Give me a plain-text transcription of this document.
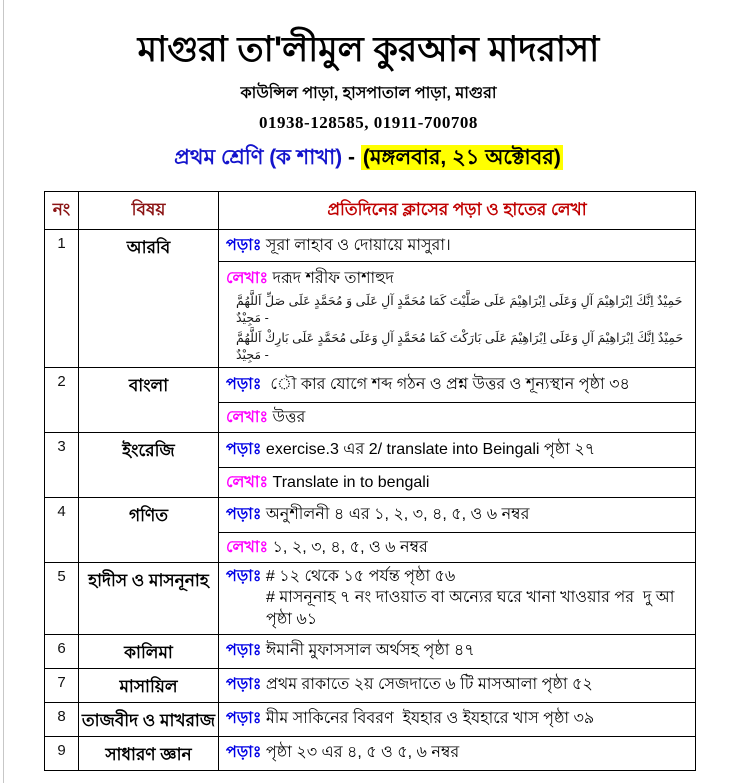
মাগুরা তা'লীমুল কুরআন মাদরাসা
কাউন্সিল পাড়া, হাসপাতাল পাড়া, মাগুরা
01938-128585, 01911-700708
প্রথম শ্রেণি (ক শাখা) - (মঙ্গলবার, ২১ অক্টোবর)
নং	বিষয়	প্রতিদিনের ক্লাসের পড়া ও হাতের লেখা
1	আরবি	পড়াঃ সূরা লাহাব ও দোয়ায়ে মাসুরা।

		লেখাঃ দরূদ শরীফ তাশাহুদ
اَللَّهُمَّ صَلِّ عَلَى مُحَمَّدٍ وَ عَلَى آلِ مُحَمَّدٍ كَمَا صَلَّيْتَ عَلَى اِبْرَاهِيْمَ وَعَلَى آلِ اِبْرَاهِيْمَ اِنَّكَ حَمِيْدٌ مَجِيْدٌ -
اَللَّهُمَّ بَارِكْ عَلَى مُحَمَّدٍ وَعَلَى آلِ مُحَمَّدٍ كَمَا بَارَكْتَ عَلَى اِبْرَاهِيْمَ وَعَلَى آلِ اِبْرَاهِيْمَ اِنَّكَ حَمِيْدٌ مَجِيْدٌ -

2	বাংলা	পড়াঃ  ৌ কার যোগে শব্দ গঠন ও প্রশ্ন উত্তর ও শূন্যস্থান পৃষ্ঠা ৩৪

		লেখাঃ উত্তর

3	ইংরেজি	পড়াঃ exercise.3 এর 2/ translate into Beingali পৃষ্ঠা ২৭

		লেখাঃ Translate in to bengali

4	গণিত	পড়াঃ অনুশীলনী ৪ এর ১, ২, ৩, ৪, ৫, ও ৬ নম্বর

		লেখাঃ ১, ২, ৩, ৪, ৫, ও ৬ নম্বর

5	হাদীস ও মাসনূনাহ	পড়াঃ # ১২ থেকে ১৫ পর্যন্ত পৃষ্ঠা ৫৬
# মাসনূনাহ ৭ নং দাওয়াত বা অন্যের ঘরে খানা খাওয়ার পর  দু আ পৃষ্ঠা ৬১

6	কালিমা	পড়াঃ ঈমানী মুফাসসাল অর্থসহ পৃষ্ঠা ৪৭

7	মাসায়িল	পড়াঃ প্রথম রাকাতে ২য় সেজদাতে ৬ টি মাসআলা পৃষ্ঠা ৫২

8	তাজবীদ ও মাখরাজ	পড়াঃ মীম সাকিনের বিবরণ  ইযহার ও ইযহারে খাস পৃষ্ঠা ৩৯

9	সাধারণ জ্ঞান	পড়াঃ পৃষ্ঠা ২৩ এর ৪, ৫ ও ৫, ৬ নম্বর
